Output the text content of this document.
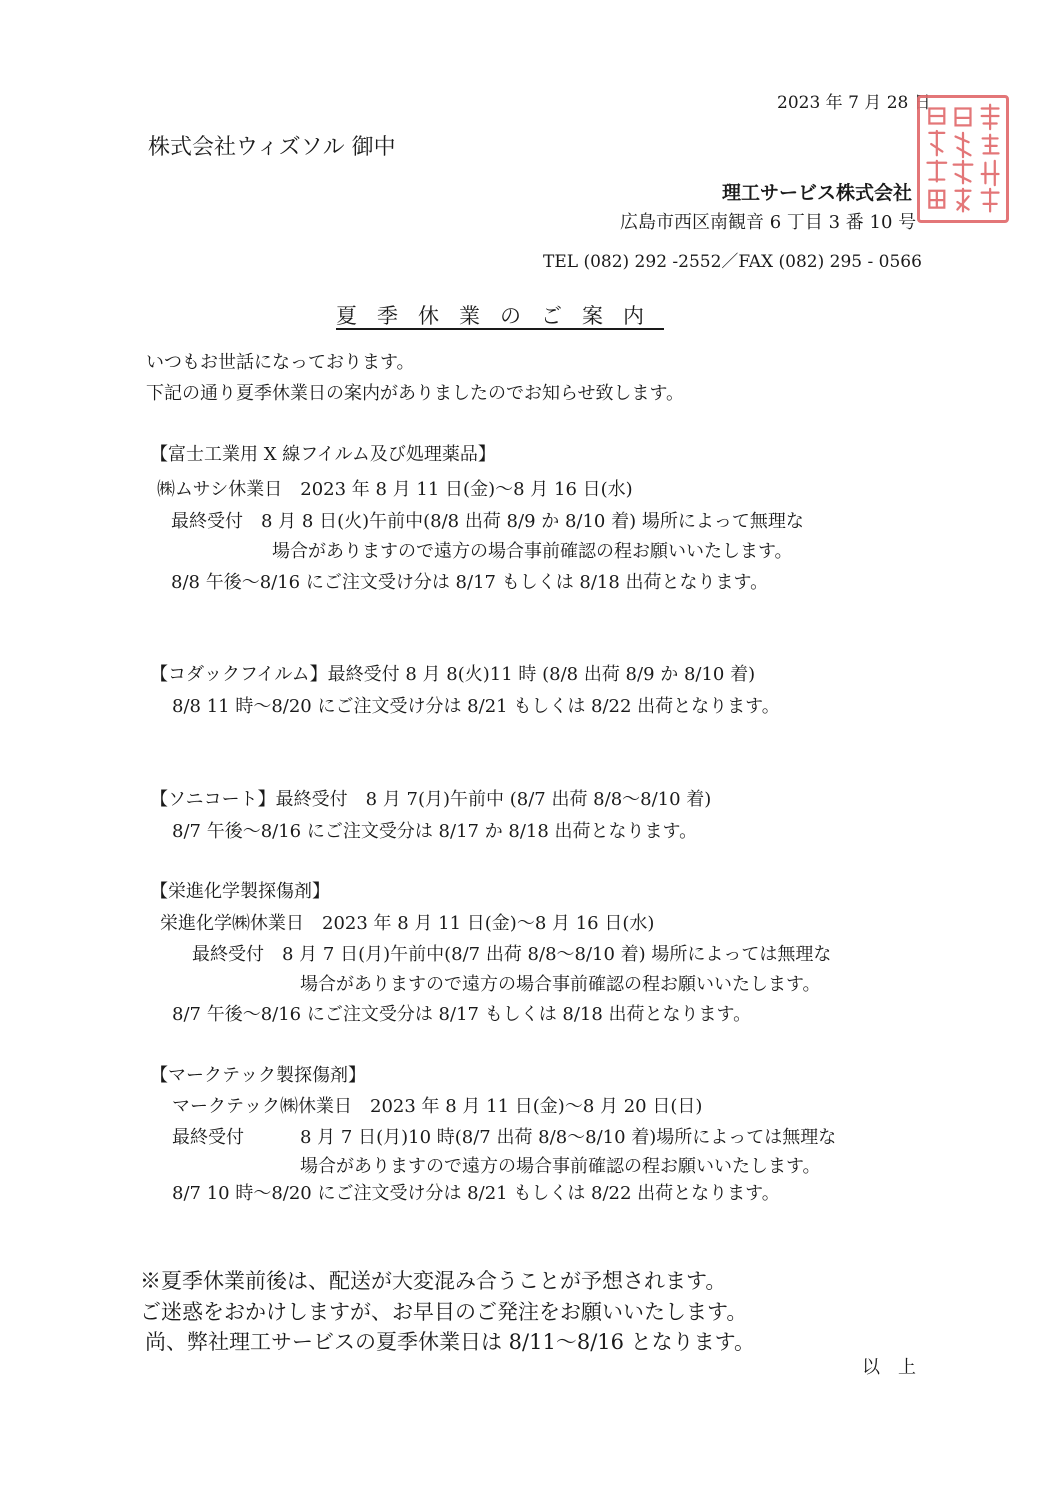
2023 年 7 月 28 日
株式会社ウィズソル 御中
理工サービス株式会社
広島市西区南観音 6 丁目 3 番 10 号
TEL (082) 292 -2552／FAX (082) 295 - 0566
夏季休業のご案内
いつもお世話になっております。
下記の通り夏季休業日の案内がありましたのでお知らせ致します。
【富士工業用 X 線フイルム及び処理薬品】
㈱ムサシ休業日　2023 年 8 月 11 日(金)～8 月 16 日(水)
最終受付　8 月 8 日(火)午前中(8/8 出荷 8/9 か 8/10 着) 場所によって無理な
場合がありますので遠方の場合事前確認の程お願いいたします。
8/8 午後～8/16 にご注文受け分は 8/17 もしくは 8/18 出荷となります。
【コダックフイルム】最終受付 8 月 8(火)11 時 (8/8 出荷 8/9 か 8/10 着)
8/8 11 時～8/20 にご注文受け分は 8/21 もしくは 8/22 出荷となります。
【ソニコート】最終受付　8 月 7(月)午前中 (8/7 出荷 8/8～8/10 着)
8/7 午後～8/16 にご注文受分は 8/17 か 8/18 出荷となります。
【栄進化学製探傷剤】
栄進化学㈱休業日　2023 年 8 月 11 日(金)～8 月 16 日(水)
最終受付　8 月 7 日(月)午前中(8/7 出荷 8/8～8/10 着) 場所によっては無理な
場合がありますので遠方の場合事前確認の程お願いいたします。
8/7 午後～8/16 にご注文受分は 8/17 もしくは 8/18 出荷となります。
【マークテック製探傷剤】
マークテック㈱休業日　2023 年 8 月 11 日(金)～8 月 20 日(日)
最終受付	8 月 7 日(月)10 時(8/7 出荷 8/8～8/10 着)場所によっては無理な
場合がありますので遠方の場合事前確認の程お願いいたします。
8/7 10 時～8/20 にご注文受け分は 8/21 もしくは 8/22 出荷となります。
※夏季休業前後は、配送が大変混み合うことが予想されます。
ご迷惑をおかけしますが、お早目のご発注をお願いいたします。
尚、弊社理工サービスの夏季休業日は 8/11～8/16 となります。
以　上
